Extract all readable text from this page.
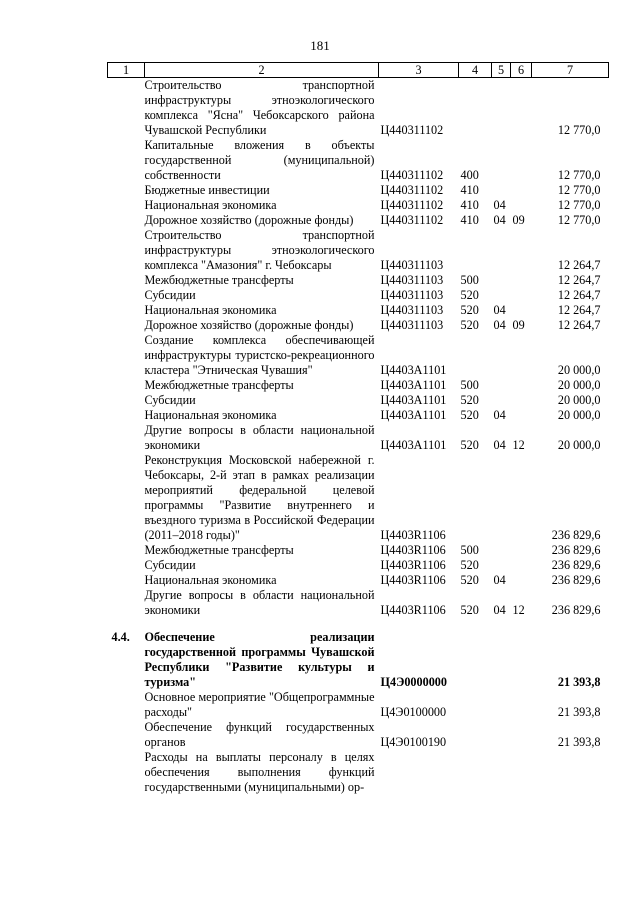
181
1	2	3	4	5	6	7
	Строительство транспортной инфраструктуры этноэкологического комплекса "Ясна" Чебоксарского района Чувашской Республики	Ц440311102				12 770,0
	Капитальные вложения в объекты государственной (муниципальной) собственности	Ц440311102	400			12 770,0
	Бюджетные инвестиции	Ц440311102	410			12 770,0
	Национальная экономика	Ц440311102	410	04		12 770,0
	Дорожное хозяйство (дорожные фонды)	Ц440311102	410	04	09	12 770,0
	Строительство транспортной инфраструктуры этноэкологического комплекса "Амазония" г. Чебоксары	Ц440311103				12 264,7
	Межбюджетные трансферты	Ц440311103	500			12 264,7
	Субсидии	Ц440311103	520			12 264,7
	Национальная экономика	Ц440311103	520	04		12 264,7
	Дорожное хозяйство (дорожные фонды)	Ц440311103	520	04	09	12 264,7
	Создание комплекса обеспечивающей инфраструктуры туристско-рекреационного кластера "Этническая Чувашия"	Ц4403А1101				20 000,0
	Межбюджетные трансферты	Ц4403А1101	500			20 000,0
	Субсидии	Ц4403А1101	520			20 000,0
	Национальная экономика	Ц4403А1101	520	04		20 000,0
	Другие вопросы в области национальной экономики	Ц4403А1101	520	04	12	20 000,0
	Реконструкция Московской набережной г. Чебоксары, 2-й этап в рамках реализации мероприятий федеральной целевой программы "Развитие внутреннего и въездного туризма в Российской Федерации (2011–2018 годы)"	Ц4403R1106				236 829,6
	Межбюджетные трансферты	Ц4403R1106	500			236 829,6
	Субсидии	Ц4403R1106	520			236 829,6
	Национальная экономика	Ц4403R1106	520	04		236 829,6
	Другие вопросы в области национальной экономики	Ц4403R1106	520	04	12	236 829,6

4.4.	Обеспечение реализации государственной программы Чувашской Республики "Развитие культуры и туризма"	Ц4Э0000000				21 393,8
	Основное мероприятие "Общепрограммные расходы"	Ц4Э0100000				21 393,8
	Обеспечение функций государственных органов	Ц4Э0100190				21 393,8
	Расходы на выплаты персоналу в целях обеспечения выполнения функций государственными (муниципальными) ор-					
